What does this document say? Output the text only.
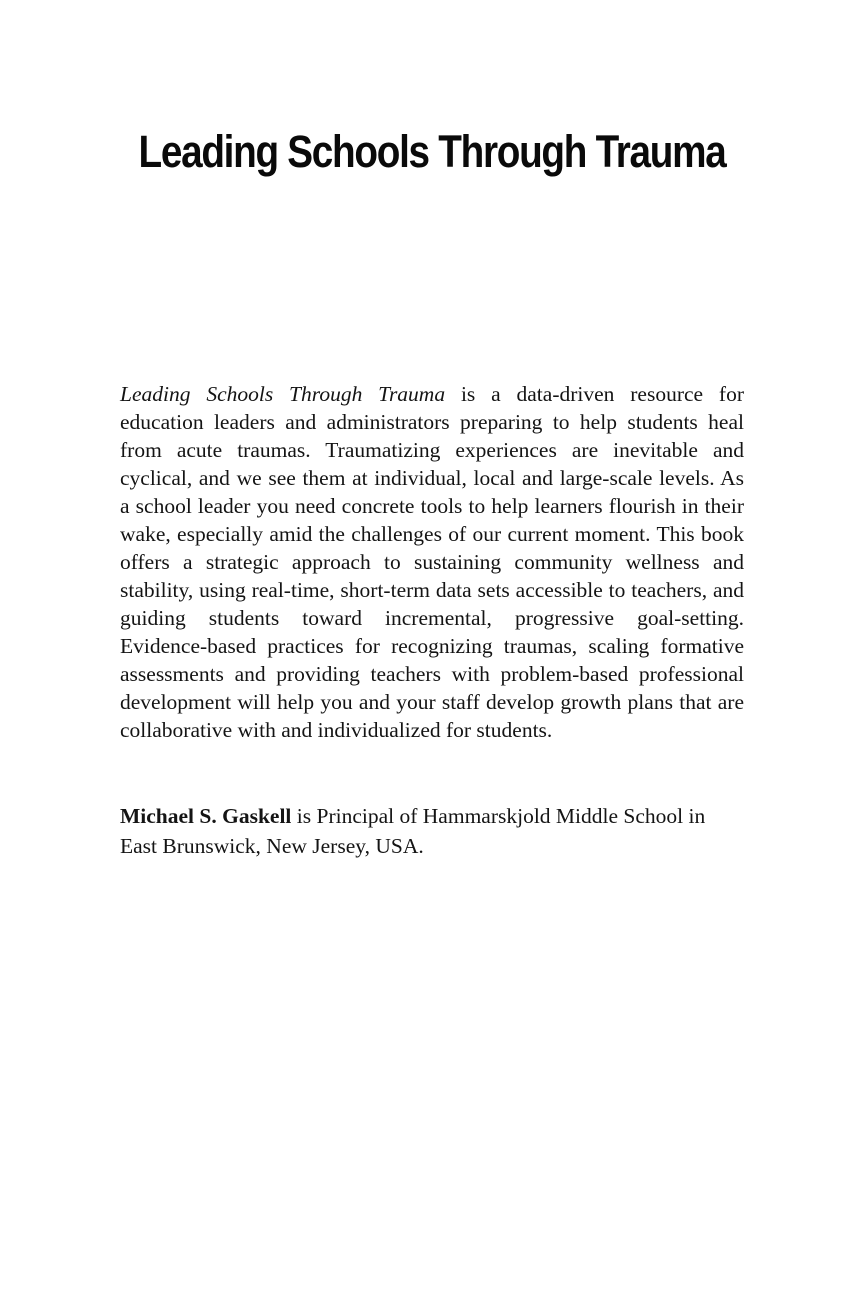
Leading Schools Through Trauma

Leading Schools Through Trauma is a data-driven resource for education leaders and administrators preparing to help students heal from acute traumas. Traumatizing experiences are inevitable and cyclical, and we see them at individual, local and large-scale levels. As a school leader you need concrete tools to help learners flourish in their wake, especially amid the challenges of our current moment. This book offers a strategic approach to sustaining community wellness and stability, using real-time, short-term data sets accessible to teachers, and guiding students toward incremental, progressive goal-setting. Evidence-based practices for recognizing traumas, scaling formative assessments and providing teachers with problem-based professional development will help you and your staff develop growth plans that are collaborative with and individualized for students.

Michael S. Gaskell is Principal of Hammarskjold Middle School in East Brunswick, New Jersey, USA.
